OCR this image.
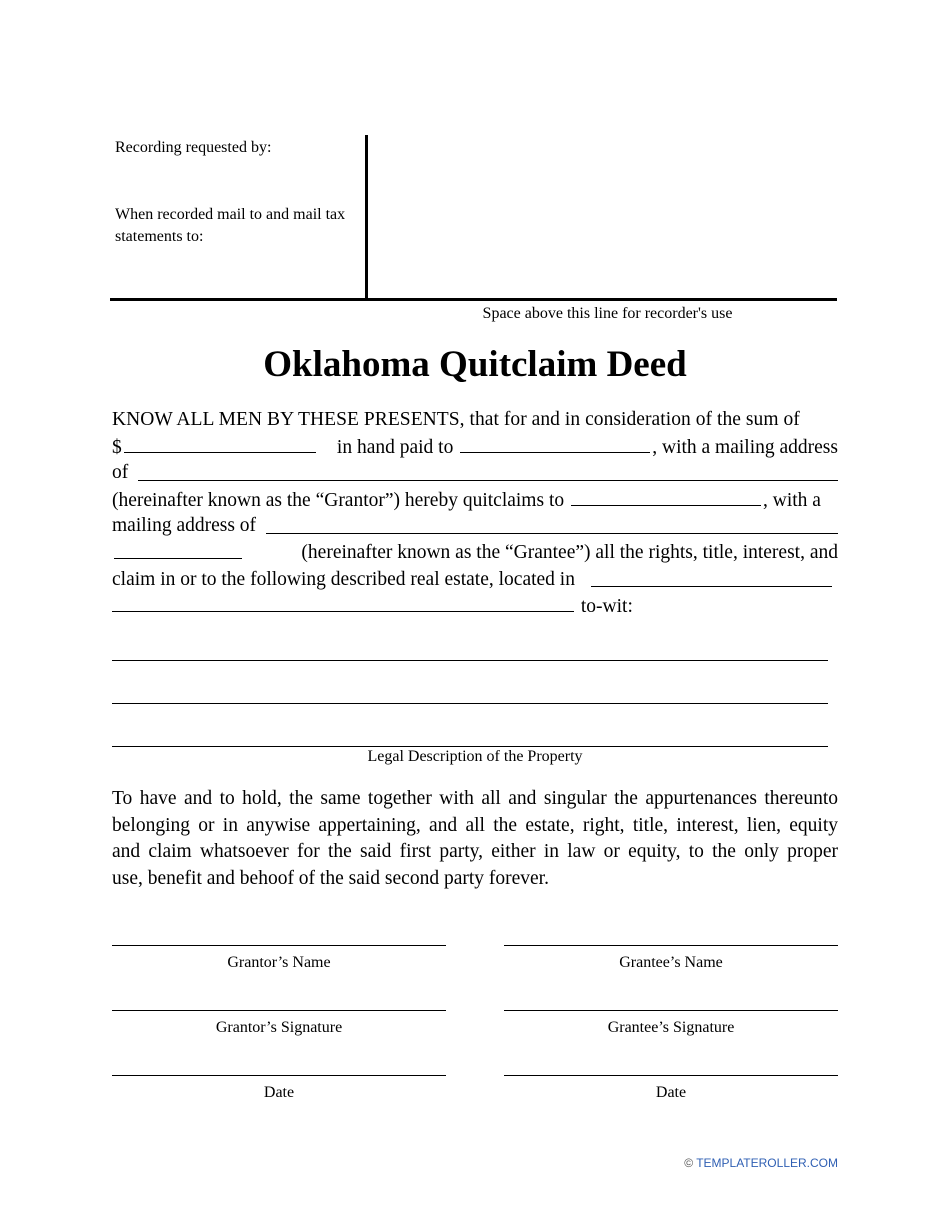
Recording requested by:
When recorded mail to and mail tax statements to:
Space above this line for recorder's use
Oklahoma Quitclaim Deed
KNOW ALL MEN BY THESE PRESENTS, that for and in consideration of the sum of
$	in hand paid to	, with a mailing address
of
(hereinafter known as the “Grantor”) hereby quitclaims to	, with a
mailing address of
(hereinafter known as the “Grantee”) all the rights, title, interest, and
claim in or to the following described real estate, located in
to-wit:
Legal Description of the Property
To have and to hold, the same together with all and singular the appurtenances thereunto
belonging or in anywise appertaining, and all the estate, right, title, interest, lien, equity
and claim whatsoever for the said first party, either in law or equity, to the only proper
use, benefit and behoof of the said second party forever.
Grantor’s Name	Grantee’s Name
Grantor’s Signature	Grantee’s Signature
Date	Date
© TEMPLATEROLLER.COM
